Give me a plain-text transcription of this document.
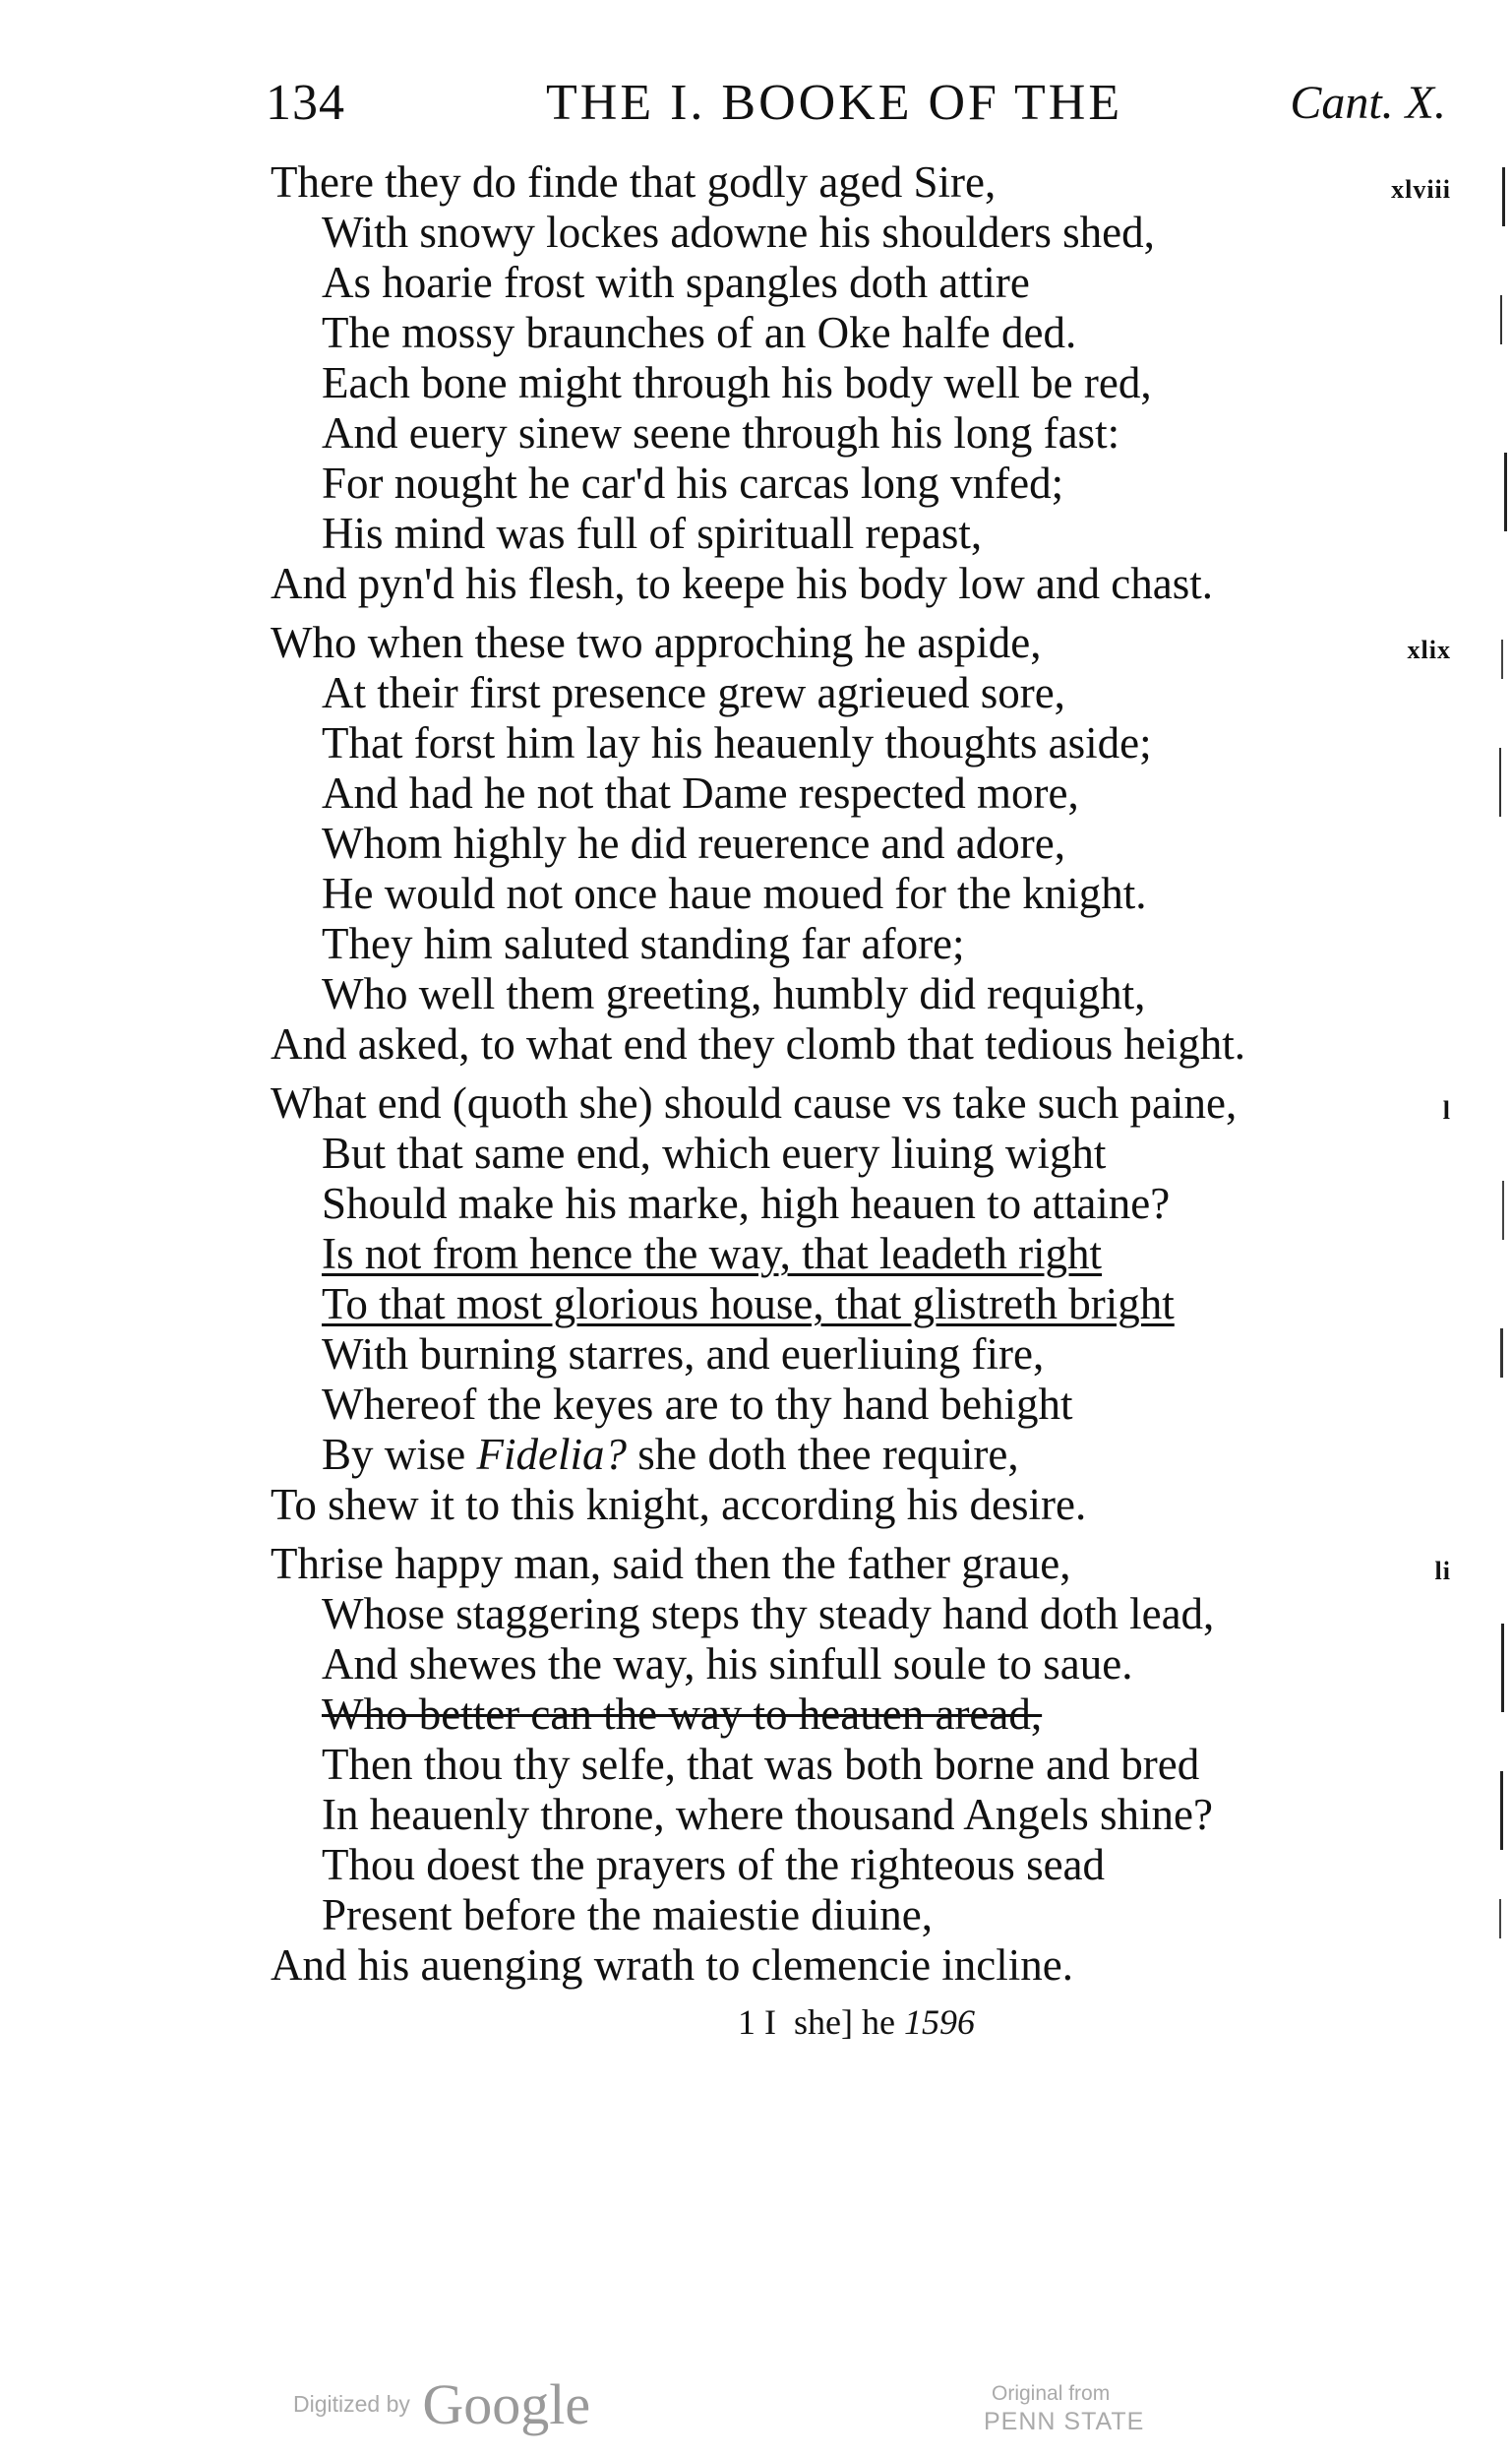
134	THE I. BOOKE OF THE	Cant. X.
xlviii
There they do finde that godly aged Sire,
With snowy lockes adowne his shoulders shed,
As hoarie frost with spangles doth attire
The mossy braunches of an Oke halfe ded.
Each bone might through his body well be red,
And euery sinew seene through his long fast:
For nought he car'd his carcas long vnfed;
His mind was full of spirituall repast,
And pyn'd his flesh, to keepe his body low and chast.
xlix
Who when these two approching he aspide,
At their first presence grew agrieued sore,
That forst him lay his heauenly thoughts aside;
And had he not that Dame respected more,
Whom highly he did reuerence and adore,
He would not once haue moued for the knight.
They him saluted standing far afore;
Who well them greeting, humbly did requight,
And asked, to what end they clomb that tedious height.
l
What end (quoth she) should cause vs take such paine,
But that same end, which euery liuing wight
Should make his marke, high heauen to attaine?
Is not from hence the way, that leadeth right
To that most glorious house, that glistreth bright
With burning starres, and euerliuing fire,
Whereof the keyes are to thy hand behight
By wise Fidelia? she doth thee require,
To shew it to this knight, according his desire.
li
Thrise happy man, said then the father graue,
Whose staggering steps thy steady hand doth lead,
And shewes the way, his sinfull soule to saue.
Who better can the way to heauen aread,
Then thou thy selfe, that was both borne and bred
In heauenly throne, where thousand Angels shine?
Thou doest the prayers of the righteous sead
Present before the maiestie diuine,
And his auenging wrath to clemencie incline.
1 I she] he 1596
Digitized by Google	Original from
PENN STATE
